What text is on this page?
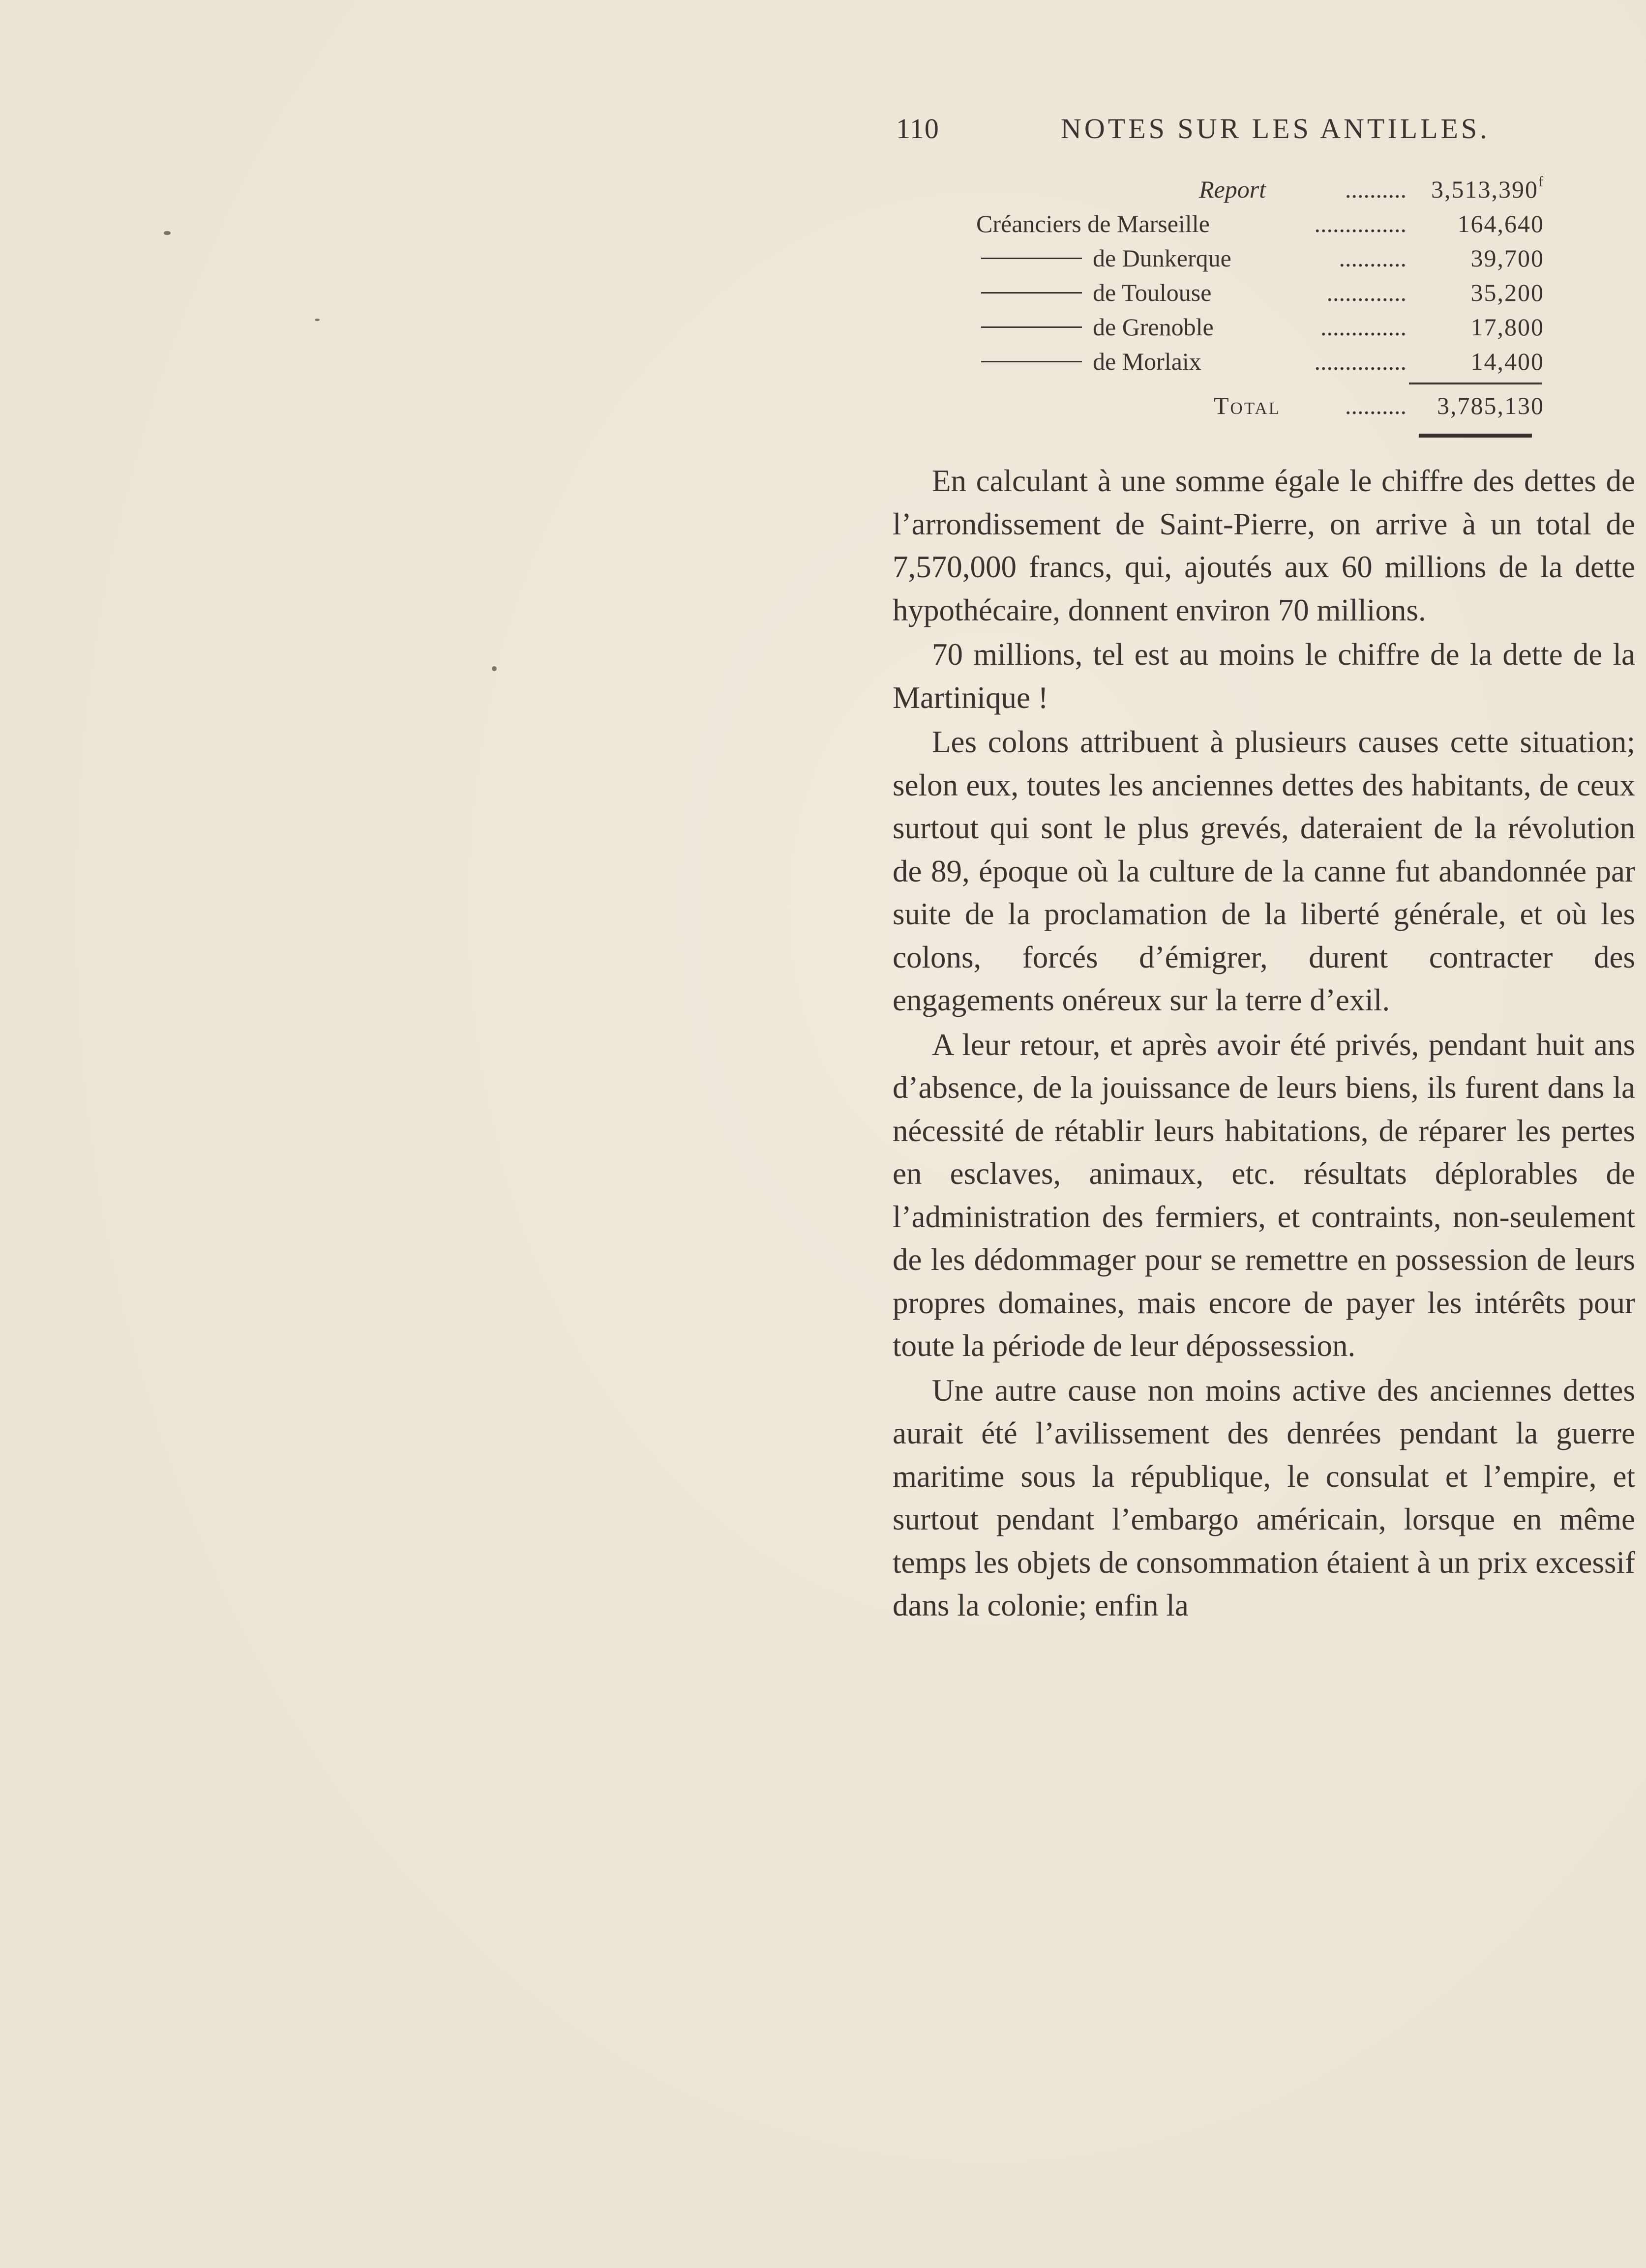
110	NOTES SUR LES ANTILLES.
Report	.......... 3,513,390$^f$
Créanciers de Marseille	............... 164,640
de Dunkerque	...........	39,700
de Toulouse	.............	35,200
de Grenoble	..............	17,800
de Morlaix	...............	14,400
Total	.......... 3,785,130

En calculant à une somme égale le chiffre des dettes de l’arrondissement de Saint-Pierre, on arrive à un total de 7,570,000 francs, qui, ajoutés aux 60 millions de la dette hypothécaire, donnent environ 70 millions.

70 millions, tel est au moins le chiffre de la dette de la Martinique !

Les colons attribuent à plusieurs causes cette situation; selon eux, toutes les anciennes dettes des habitants, de ceux surtout qui sont le plus grevés, dateraient de la révolution de 89, époque où la culture de la canne fut abandonnée par suite de la proclamation de la liberté générale, et où les colons, forcés d’émigrer, durent contracter des engagements onéreux sur la terre d’exil.

A leur retour, et après avoir été privés, pendant huit ans d’absence, de la jouissance de leurs biens, ils furent dans la nécessité de rétablir leurs habitations, de réparer les pertes en esclaves, animaux, etc. résultats déplorables de l’administration des fermiers, et contraints, non-seulement de les dédommager pour se remettre en possession de leurs propres domaines, mais encore de payer les intérêts pour toute la période de leur dépossession.

Une autre cause non moins active des anciennes dettes aurait été l’avilissement des denrées pendant la guerre maritime sous la république, le consulat et l’empire, et surtout pendant l’embargo américain, lorsque en même temps les objets de consommation étaient à un prix excessif dans la colonie; enfin la
